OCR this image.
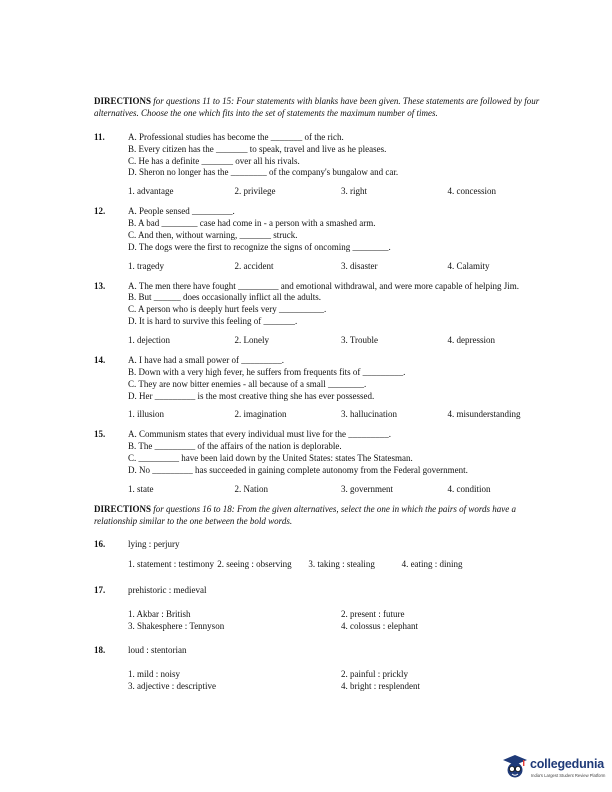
DIRECTIONS for questions 11 to 15: Four statements with blanks have been given. These statements are followed by four alternatives. Choose the one which fits into the set of statements the maximum number of times.

11.	A. Professional studies has become the _______ of the rich.

B. Every citizen has the _______ to speak, travel and live as he pleases.

C. He has a definite _______ over all his rivals.

D. Sheron no longer has the ________ of the company's bungalow and car.

1. advantage	2. privilege	3. right	4. concession
12.	A. People sensed _________.

B. A bad ________ case had come in - a person with a smashed arm.

C. And then, without warning, _______ struck.

D. The dogs were the first to recognize the signs of oncoming ________.

1. tragedy	2. accident	3. disaster	4. Calamity
13.	A. The men there have fought _________ and emotional withdrawal, and were more capable of helping Jim.

B. But ______ does occasionally inflict all the adults.

C. A person who is deeply hurt feels very __________.

D. It is hard to survive this feeling of _______.

1. dejection	2. Lonely	3. Trouble	4. depression
14.	A. I have had a small power of _________.

B. Down with a very high fever, he suffers from frequents fits of _________.

C. They are now bitter enemies - all because of a small ________.

D. Her _________ is the most creative thing she has ever possessed.

1. illusion	2. imagination	3. hallucination	4. misunderstanding
15.	A. Communism states that every individual must live for the _________.

B. The _________ of the affairs of the nation is deplorable.

C. _________ have been laid down by the United States: states The Statesman.

D. No _________ has succeeded in gaining complete autonomy from the Federal government.

1. state	2. Nation	3. government	4. condition

DIRECTIONS for questions 16 to 18: From the given alternatives, select the one in which the pairs of words have a relationship similar to the one between the bold words.

16.	lying : perjury

1. statement : testimony 2. seeing : observing	3. taking : stealing	4. eating : dining
17.	prehistoric : medieval

1. Akbar : British	2. present : future
3. Shakesphere : Tennyson	4. colossus : elephant
18.	loud : stentorian

1. mild : noisy	2. painful : prickly
3. adjective : descriptive	4. bright : resplendent
collegedunia
India's Largest Student Review Platform
